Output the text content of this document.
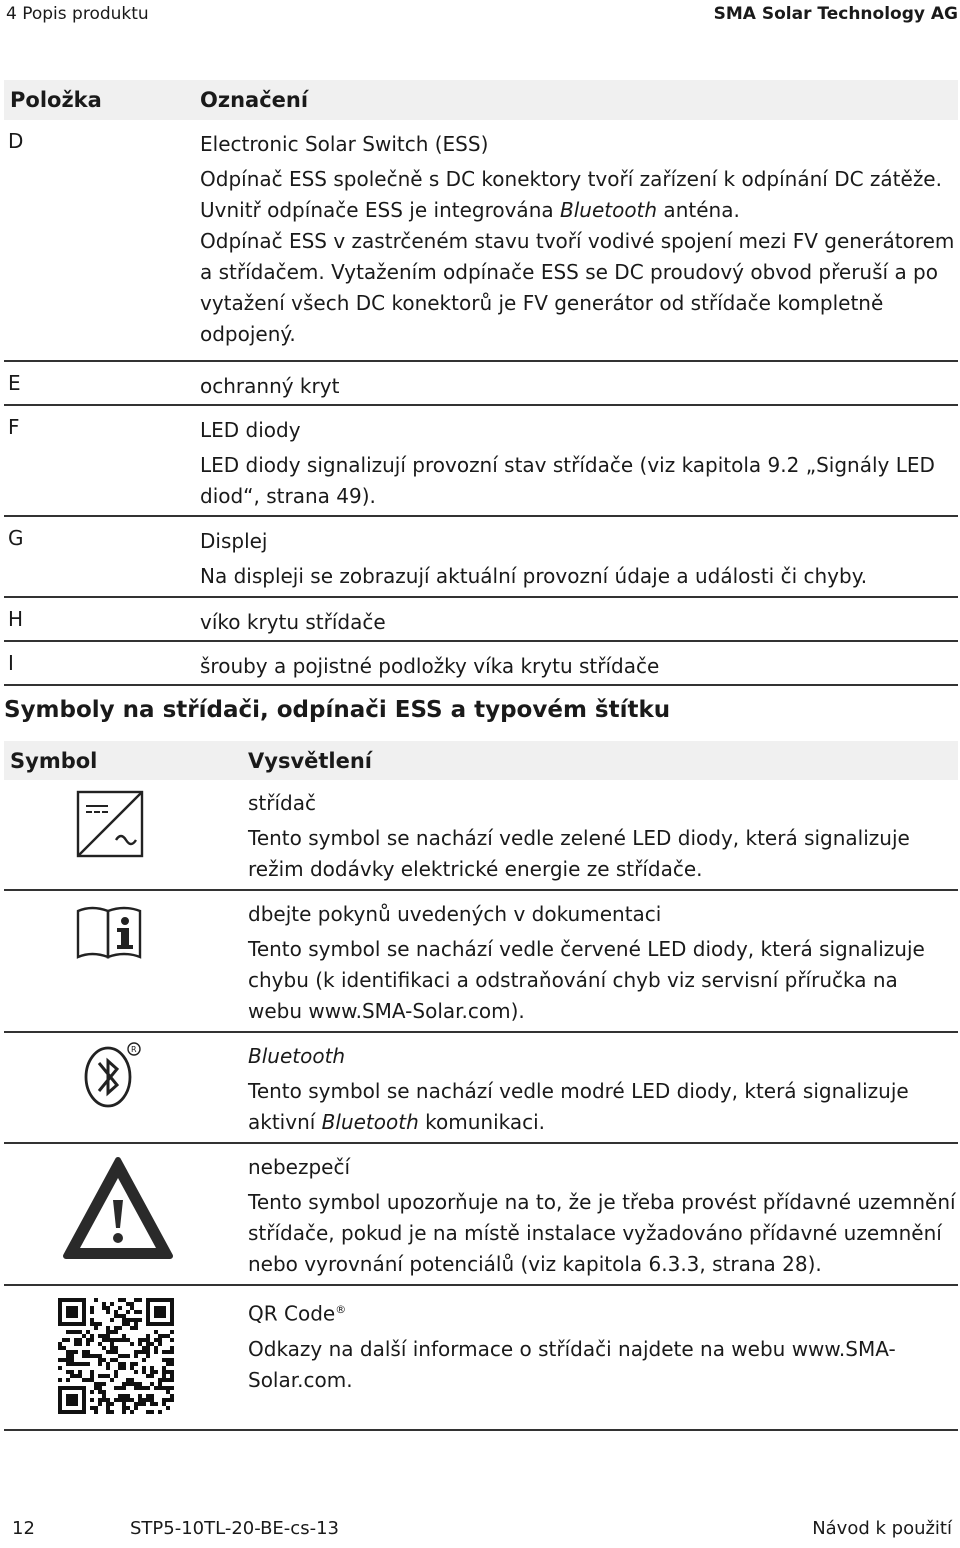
4 Popis produktu	SMA Solar Technology AG
Položka	Označení
D	Electronic Solar Switch (ESS)

Odpínač ESS společně s DC konektory tvoří zařízení k odpínání DC zátěže.

Uvnitř odpínače ESS je integrována Bluetooth anténa.

Odpínač ESS v zastrčeném stavu tvoří vodivé spojení mezi FV generátorem a střídačem. Vytažením odpínače ESS se DC proudový obvod přeruší a po vytažení všech DC konektorů je FV generátor od střídače kompletně odpojený.

E	ochranný kryt

F	LED diody

LED diody signalizují provozní stav střídače (viz kapitola 9.2 „Signály LED diod“, strana 49).

G	Displej

Na displeji se zobrazují aktuální provozní údaje a události či chyby.

H	víko krytu střídače

I	šrouby a pojistné podložky víka krytu střídače

Symboly na střídači, odpínači ESS a typovém štítku
Symbol	Vysvětlení

střídač

Tento symbol se nachází vedle zelené LED diody, která signalizuje režim dodávky elektrické energie ze střídače.

dbejte pokynů uvedených v dokumentaci

Tento symbol se nachází vedle červené LED diody, která signalizuje chybu (k identifikaci a odstraňování chyb viz servisní příručka na webu www.SMA-Solar.com).

R	Bluetooth

Tento symbol se nachází vedle modré LED diody, která signalizuje aktivní Bluetooth komunikaci.

nebezpečí

Tento symbol upozorňuje na to, že je třeba provést přídavné uzemnění střídače, pokud je na místě instalace vyžadováno přídavné uzemnění nebo vyrovnání potenciálů (viz kapitola 6.3.3, strana 28).

QR Code®

Odkazy na další informace o střídači najdete na webu www.SMA-Solar.com.

12	STP5-10TL-20-BE-cs-13	Návod k použití
